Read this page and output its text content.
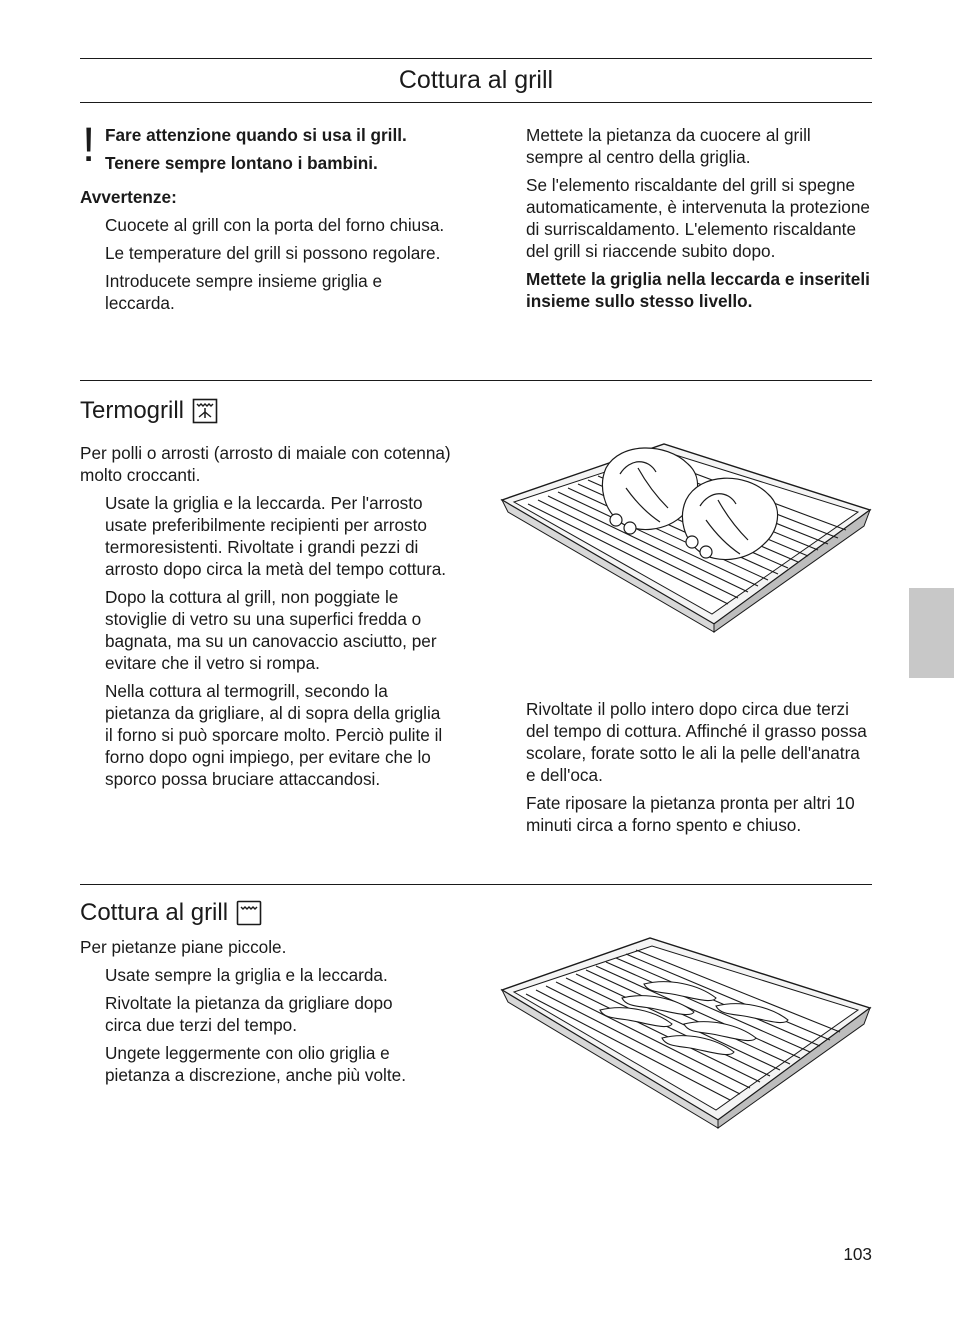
Cottura al grill
! Fare attenzione quando si usa il grill.

Tenere sempre lontano i bambini.

Avvertenze:

Cuocete al grill con la porta del forno chiusa.

Le temperature del grill si possono regolare.

Introducete sempre insieme griglia e leccarda.

Mettete la pietanza da cuocere al grill sempre al centro della griglia.

Se l'elemento riscaldante del grill si spegne automaticamente, è intervenuta la protezione di surriscaldamento. L'elemento riscaldante del grill si riaccende subito dopo.

Mettete la griglia nella leccarda e inseriteli insieme sullo stesso livello.

Termogrill

Per polli o arrosti (arrosto di maiale con cotenna) molto croccanti.

Usate la griglia e la leccarda. Per l'arrosto usate preferibilmente recipienti per arrosto termoresistenti. Rivoltate i grandi pezzi di arrosto dopo circa la metà del tempo cottura.

Dopo la cottura al grill, non poggiate le stoviglie di vetro su una superfici fredda o bagnata, ma su un canovaccio asciutto, per evitare che il vetro si rompa.

Nella cottura al termogrill, secondo la pietanza da grigliare, al di sopra della griglia il forno si può sporcare molto. Perciò pulite il forno dopo ogni impiego, per evitare che lo sporco possa bruciare attaccandosi.

Rivoltate il pollo intero dopo circa due terzi del tempo di cottura. Affinché il grasso possa scolare, forate sotto le ali la pelle dell'anatra e dell'oca.

Fate riposare la pietanza pronta per altri 10 minuti circa a forno spento e chiuso.

Cottura al grill

Per pietanze piane piccole.

Usate sempre la griglia e la leccarda.

Rivoltate la pietanza da grigliare dopo circa due terzi del tempo.

Ungete leggermente con olio griglia e pietanza a discrezione, anche più volte.

103
